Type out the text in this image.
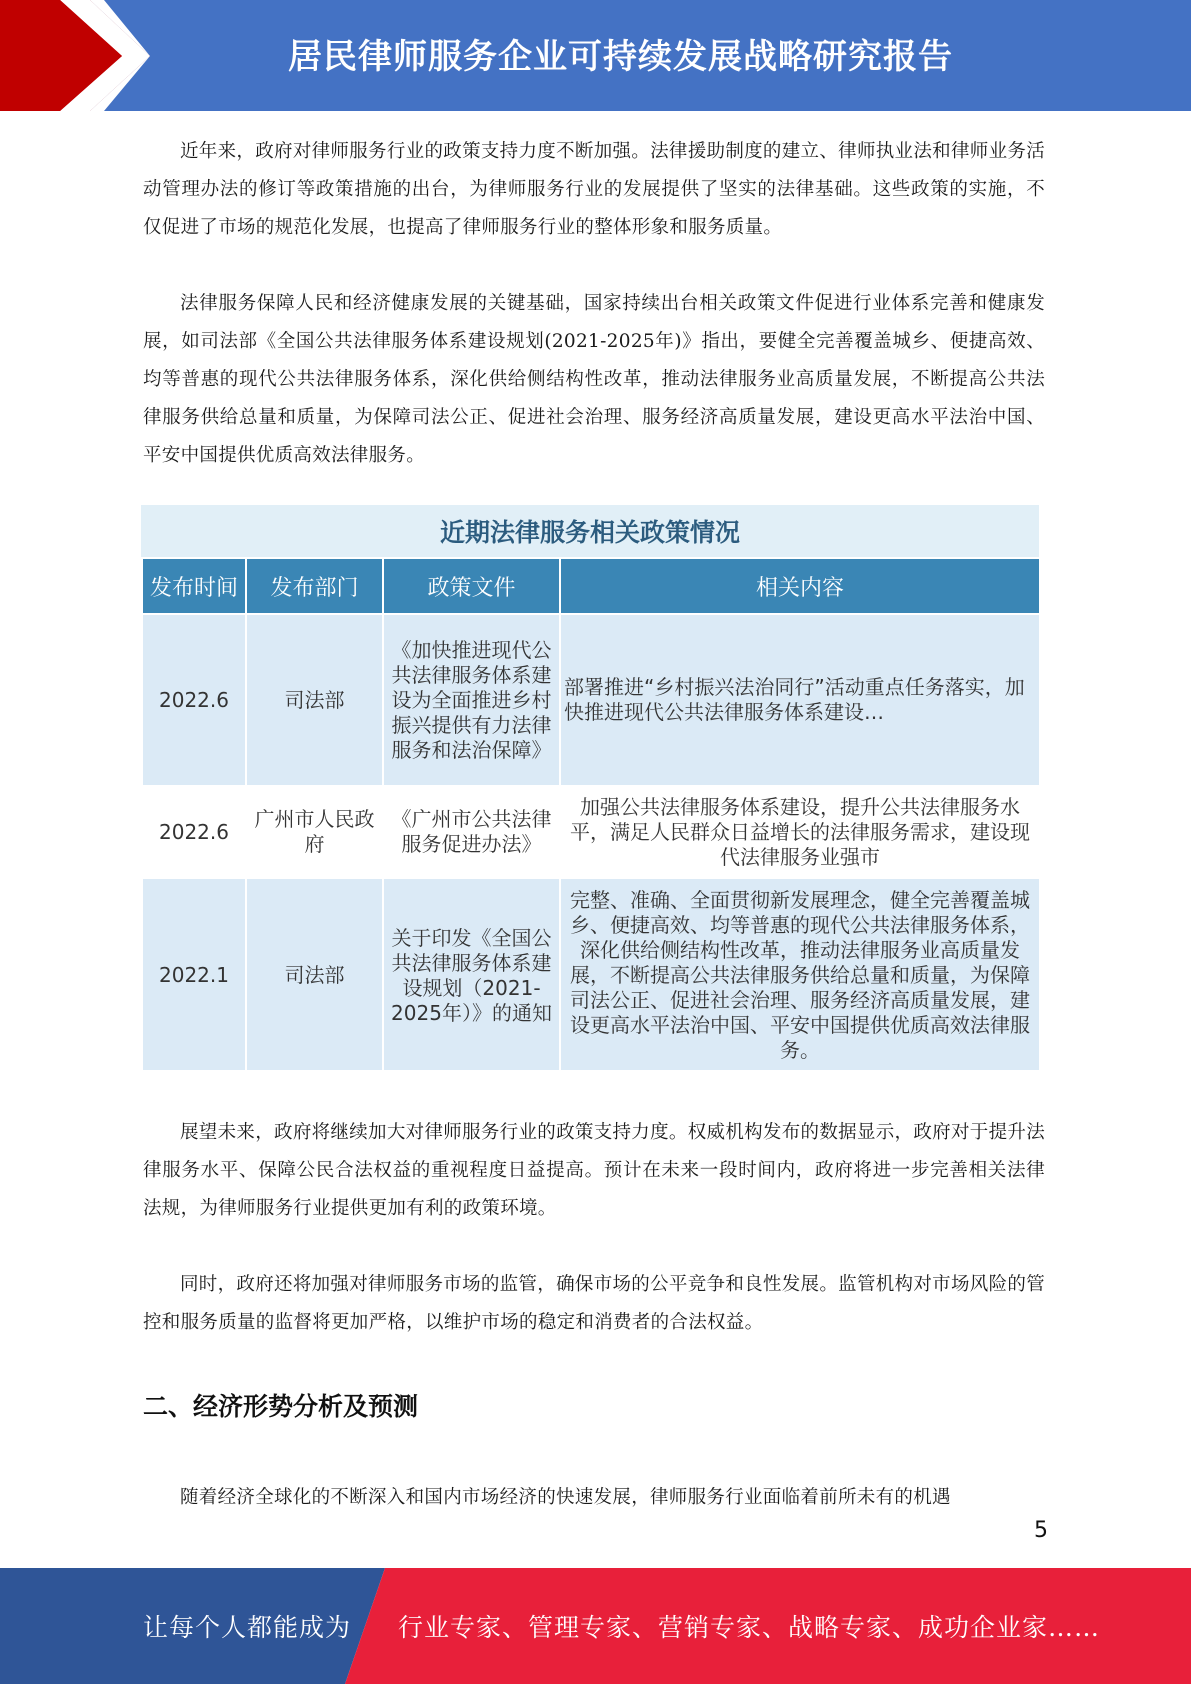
居民律师服务企业可持续发展战略研究报告

近年来，政府对律师服务行业的政策支持力度不断加强。法律援助制度的建立、律师执业法和律师业务活动管理办法的修订等政策措施的出台，为律师服务行业的发展提供了坚实的法律基础。这些政策的实施，不仅促进了市场的规范化发展，也提高了律师服务行业的整体形象和服务质量。

法律服务保障人民和经济健康发展的关键基础，国家持续出台相关政策文件促进行业体系完善和健康发展，如司法部《全国公共法律服务体系建设规划(2021-2025年)》指出，要健全完善覆盖城乡、便捷高效、均等普惠的现代公共法律服务体系，深化供给侧结构性改革，推动法律服务业高质量发展，不断提高公共法律服务供给总量和质量，为保障司法公正、促进社会治理、服务经济高质量发展，建设更高水平法治中国、平安中国提供优质高效法律服务。

近期法律服务相关政策情况
发布时间	发布部门	政策文件	相关内容
2022.6	司法部	《加快推进现代公共法律服务体系建设为全面推进乡村振兴提供有力法律服务和法治保障》	部署推进“乡村振兴法治同行”活动重点任务落实，加快推进现代公共法律服务体系建设…
2022.6	广州市人民政府	《广州市公共法律服务促进办法》	加强公共法律服务体系建设，提升公共法律服务水平，满足人民群众日益增长的法律服务需求，建设现代法律服务业强市
2022.1	司法部	关于印发《全国公共法律服务体系建设规划（2021-2025年）》的通知	完整、准确、全面贯彻新发展理念，健全完善覆盖城乡、便捷高效、均等普惠的现代公共法律服务体系，深化供给侧结构性改革，推动法律服务业高质量发展，不断提高公共法律服务供给总量和质量，为保障司法公正、促进社会治理、服务经济高质量发展，建设更高水平法治中国、平安中国提供优质高效法律服务。

展望未来，政府将继续加大对律师服务行业的政策支持力度。权威机构发布的数据显示，政府对于提升法律服务水平、保障公民合法权益的重视程度日益提高。预计在未来一段时间内，政府将进一步完善相关法律法规，为律师服务行业提供更加有利的政策环境。

同时，政府还将加强对律师服务市场的监管，确保市场的公平竞争和良性发展。监管机构对市场风险的管控和服务质量的监督将更加严格，以维护市场的稳定和消费者的合法权益。

二、经济形势分析及预测

随着经济全球化的不断深入和国内市场经济的快速发展，律师服务行业面临着前所未有的机遇

5
让每个人都能成为 行业专家、管理专家、营销专家、战略专家、成功企业家……
